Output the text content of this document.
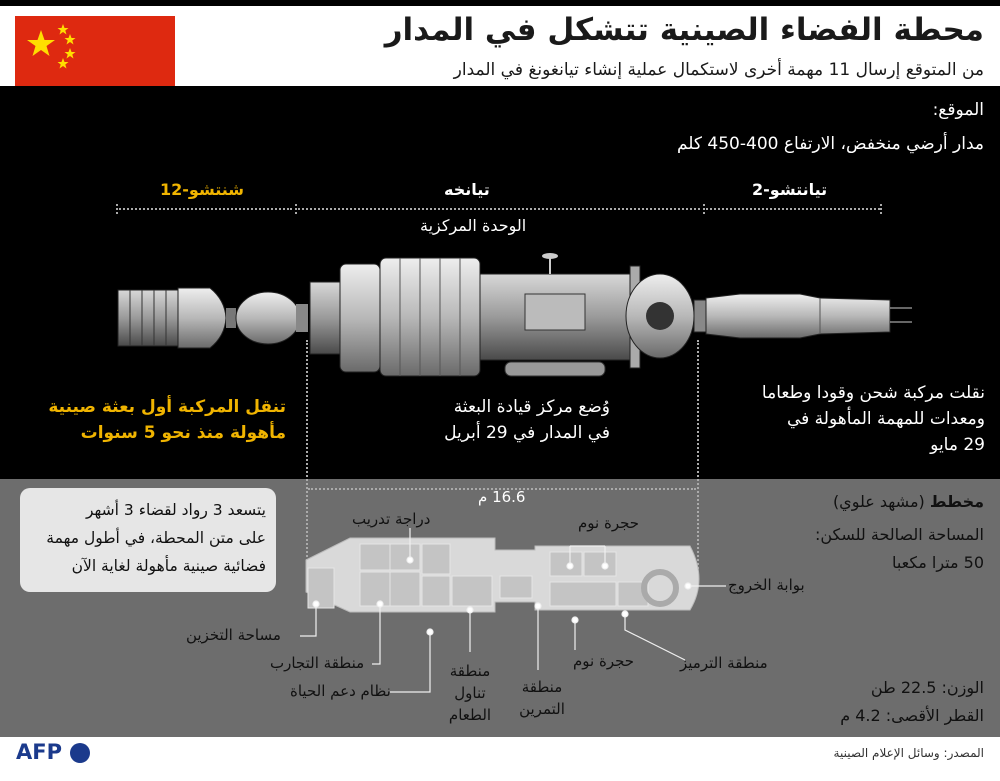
محطة الفضاء الصينية تتشكل في المدار
من المتوقع إرسال 11 مهمة أخرى لاستكمال عملية إنشاء تيانغونغ في المدار
الموقع:
مدار أرضي منخفض، الارتفاع 400-450 كلم
شنتشو-12	تيانخه	تيانتشو-2
الوحدة المركزية
تنقل المركبة أول بعثة صينية
مأهولة منذ نحو 5 سنوات
وُضع مركز قيادة البعثة
في المدار في 29 أبريل
نقلت مركبة شحن وقودا وطعاما
ومعدات للمهمة المأهولة في
29 مايو
16.6 م
يتسعد 3 رواد لقضاء 3 أشهر
على متن المحطة، في أطول مهمة
فضائية صينية مأهولة لغاية الآن
مخطط (مشهد علوي)
المساحة الصالحة للسكن:
50 مترا مكعبا
دراجة تدريب	حجرة نوم
بوابة الخروج
مساحة التخزين
منطقة التجارب
نظام دعم الحياة
منطقة تناول الطعام
منطقة التمرين
حجرة نوم	منطقة الترميز
الوزن: 22.5 طن
القطر الأقصى: 4.2 م
AFP	المصدر: وسائل الإعلام الصينية
